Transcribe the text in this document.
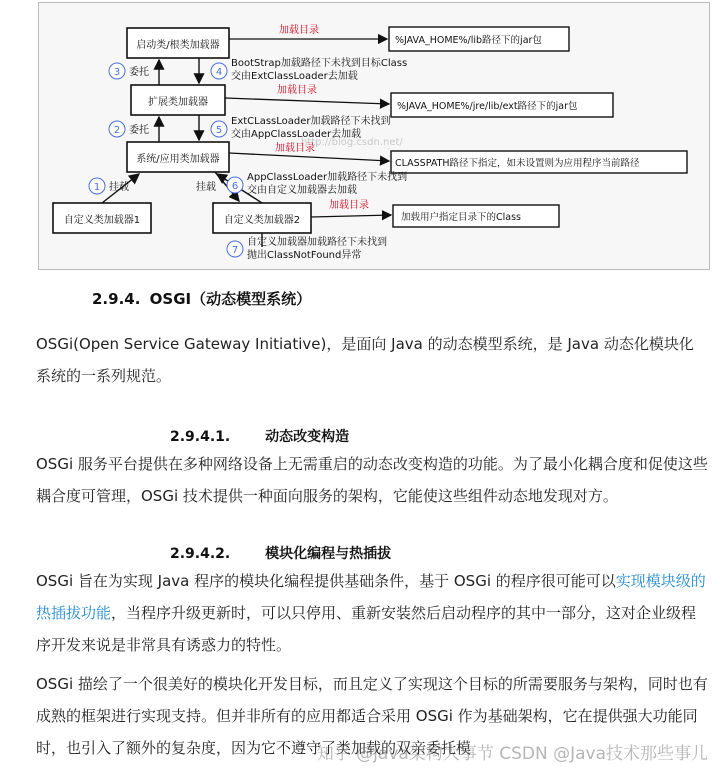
http://blog.csdn.net/
启动类/根类加载器
扩展类加载器
系统/应用类加载器
自定义类加载器1	自定义类加载器2
%JAVA_HOME%/lib路径下的jar包
%JAVA_HOME%/jre/lib/ext路径下的jar包
CLASSPATH路径下指定，如未设置则为应用程序当前路径
加载用户指定目录下的Class
加载目录
加载目录
加载目录
加载目录
3 委托
2 委托
1 挂载
4
BootStrap加载路径下未找到目标Class
交由ExtClassLoader去加载
5
ExtCLassLoader加载路径下未找到
交由AppClassLoader去加载
挂载 6
AppClassLoader加载路径下未找到
交由自定义加载器去加载
7
自定义加载器加载路径下未找到
抛出ClassNotFound异常
2.9.4. OSGI（动态模型系统）
OSGi(Open Service Gateway Initiative)，是面向 Java 的动态模型系统，是 Java 动态化模块化系统的一系列规范。
2.9.4.1. 动态改变构造
OSGi 服务平台提供在多种网络设备上无需重启的动态改变构造的功能。为了最小化耦合度和促使这些耦合度可管理，OSGi 技术提供一种面向服务的架构，它能使这些组件动态地发现对方。
2.9.4.2. 模块化编程与热插拔
OSGi 旨在为实现 Java 程序的模块化编程提供基础条件，基于 OSGi 的程序很可能可以实现模块级的热插拔功能，当程序升级更新时，可以只停用、重新安装然后启动程序的其中一部分，这对企业级程序开发来说是非常具有诱惑力的特性。
OSGi 描绘了一个很美好的模块化开发目标，而且定义了实现这个目标的所需要服务与架构，同时也有成熟的框架进行实现支持。但并非所有的应用都适合采用 OSGi 作为基础架构，它在提供强大功能同时，也引入了额外的复杂度，因为它不遵守了类加载的双亲委托模
知乎 @java架构大事节 CSDN @Java技术那些事儿
